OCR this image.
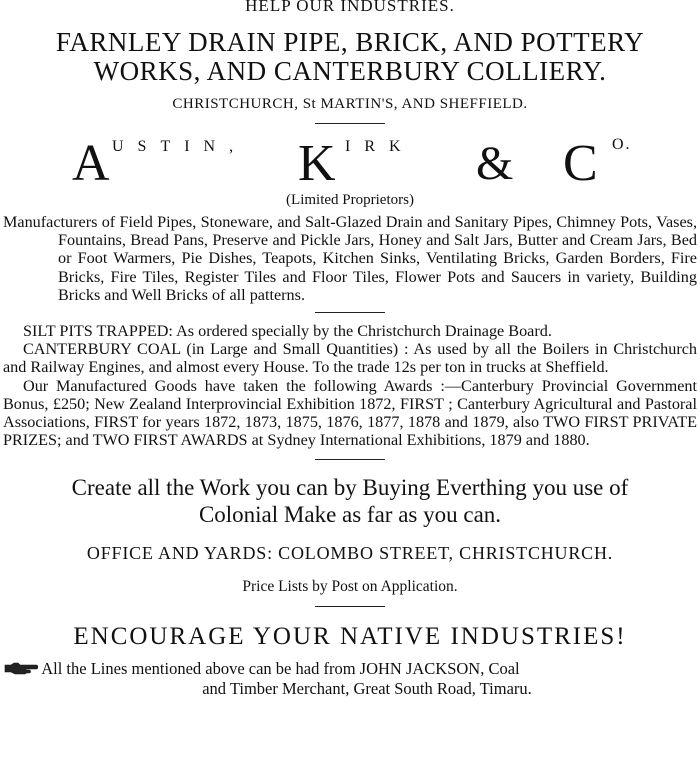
HELP OUR INDUSTRIES.
FARNLEY DRAIN PIPE, BRICK, AND POTTERY
WORKS, AND CANTERBURY COLLIERY.
CHRISTCHURCH, St MARTIN'S, AND SHEFFIELD.
A USTIN, K IRK & C O.
(Limited Proprietors)
Manufacturers of Field Pipes, Stoneware, and Salt-Glazed Drain and Sanitary Pipes, Chimney Pots, Vases, Fountains, Bread Pans, Preserve and Pickle Jars, Honey and Salt Jars, Butter and Cream Jars, Bed or Foot Warmers, Pie Dishes, Teapots, Kitchen Sinks, Ventilating Bricks, Garden Borders, Fire Bricks, Fire Tiles, Register Tiles and Floor Tiles, Flower Pots and Saucers in variety, Building Bricks and Well Bricks of all patterns.

SILT PITS TRAPPED: As ordered specially by the Christchurch Drainage Board.

CANTERBURY COAL (in Large and Small Quantities) : As used by all the Boilers in Christchurch and Railway Engines, and almost every House. To the trade 12s per ton in trucks at Sheffield.

Our Manufactured Goods have taken the following Awards :—Canterbury Provincial Government Bonus, £250; New Zealand Interprovincial Exhibition 1872, FIRST ; Canterbury Agricultural and Pastoral Associations, FIRST for years 1872, 1873, 1875, 1876, 1877, 1878 and 1879, also TWO FIRST PRIVATE PRIZES; and TWO FIRST AWARDS at Sydney International Exhibitions, 1879 and 1880.

Create all the Work you can by Buying Everthing you use of
Colonial Make as far as you can.
OFFICE AND YARDS: COLOMBO STREET, CHRISTCHURCH.
Price Lists by Post on Application.
ENCOURAGE YOUR NATIVE INDUSTRIES!
All the Lines mentioned above can be had from JOHN JACKSON, Coal
and Timber Merchant, Great South Road, Timaru.
